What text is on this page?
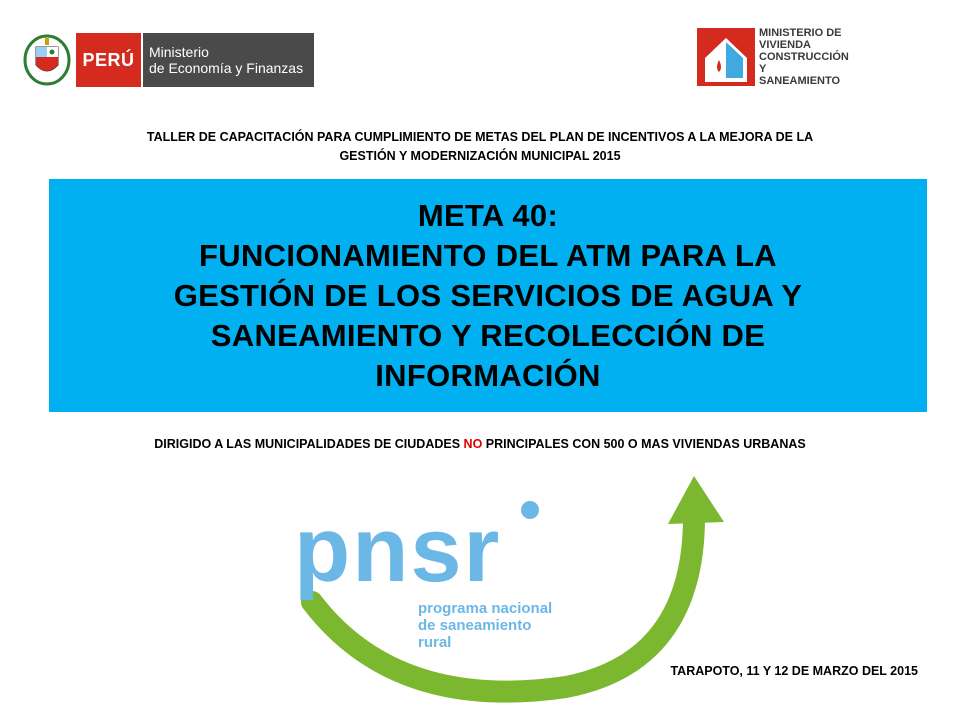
PERÚ	Ministerio
de Economía y Finanzas
MINISTERIO DE
VIVIENDA
CONSTRUCCIÓN Y
SANEAMIENTO
TALLER DE CAPACITACIÓN PARA CUMPLIMIENTO DE METAS DEL PLAN DE INCENTIVOS A LA MEJORA DE LA
GESTIÓN Y MODERNIZACIÓN MUNICIPAL 2015
META 40:
FUNCIONAMIENTO DEL ATM PARA LA
GESTIÓN DE LOS SERVICIOS DE AGUA Y
SANEAMIENTO Y RECOLECCIÓN DE
INFORMACIÓN
DIRIGIDO A LAS MUNICIPALIDADES DE CIUDADES NO PRINCIPALES CON 500 O MAS VIVIENDAS URBANAS
pnsr
programa nacional
de saneamiento
rural
TARAPOTO, 11 Y 12 DE MARZO DEL 2015
